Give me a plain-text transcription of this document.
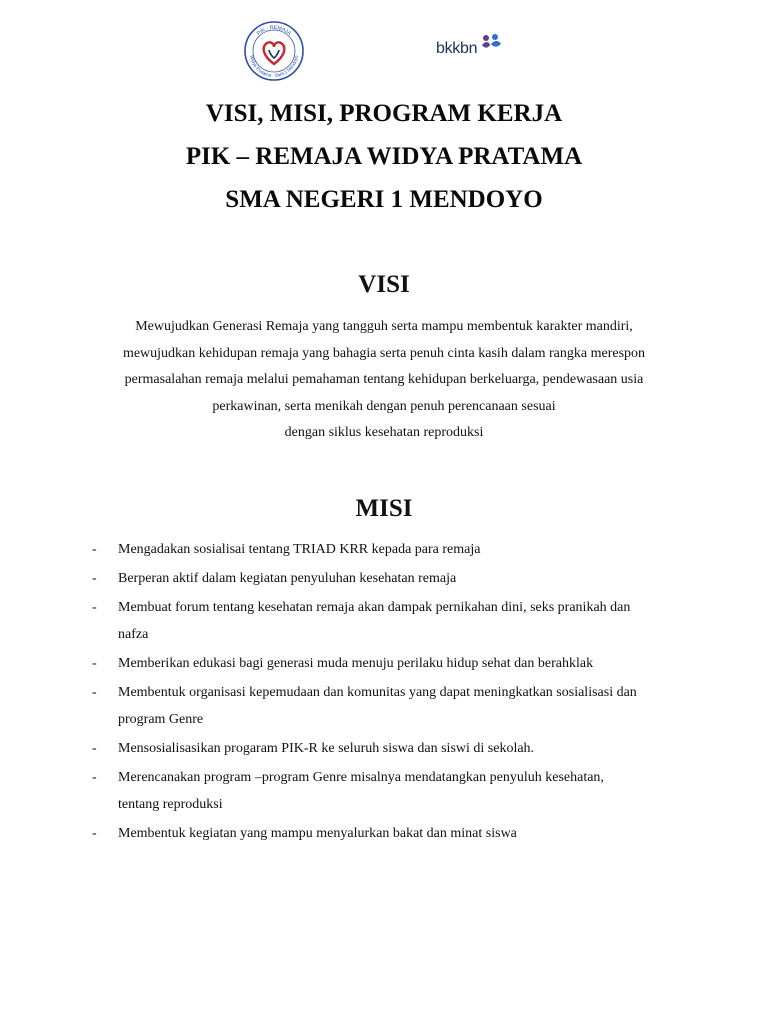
PIK · REMAJA
Widya Pratama · SMA 1 Mendoyo	bkkbn
VISI, MISI, PROGRAM KERJA
PIK – REMAJA WIDYA PRATAMA
SMA NEGERI 1 MENDOYO
VISI
Mewujudkan Generasi Remaja yang tangguh serta mampu membentuk karakter mandiri,
mewujudkan kehidupan remaja yang bahagia serta penuh cinta kasih dalam rangka merespon
permasalahan remaja melalui pemahaman tentang kehidupan berkeluarga, pendewasaan usia
perkawinan, serta menikah dengan penuh perencanaan sesuai
dengan siklus kesehatan reproduksi
MISI
- Mengadakan sosialisai tentang TRIAD KRR kepada para remaja
- Berperan aktif dalam kegiatan penyuluhan kesehatan remaja
- Membuat forum tentang kesehatan remaja akan dampak pernikahan dini, seks pranikah dan
nafza
- Memberikan edukasi bagi generasi muda menuju perilaku hidup sehat dan berahklak
- Membentuk organisasi kepemudaan dan komunitas yang dapat meningkatkan sosialisasi dan
program Genre
- Mensosialisasikan progaram PIK-R ke seluruh siswa dan siswi di sekolah.
- Merencanakan program –program Genre misalnya mendatangkan penyuluh kesehatan,
tentang reproduksi
- Membentuk kegiatan yang mampu menyalurkan bakat dan minat siswa
